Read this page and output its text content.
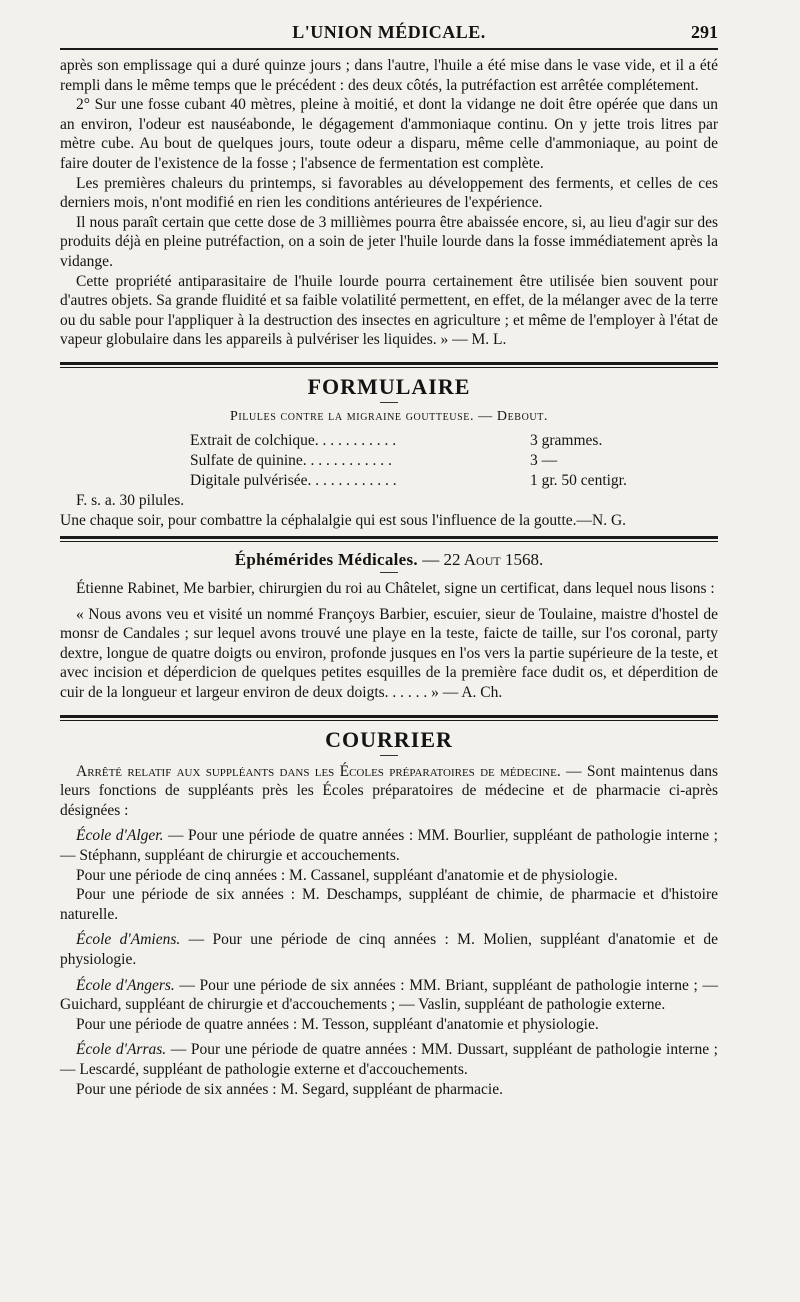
L'UNION MÉDICALE.	291

après son emplissage qui a duré quinze jours ; dans l'autre, l'huile a été mise dans le vase vide, et il a été rempli dans le même temps que le précédent : des deux côtés, la putréfaction est arrêtée complétement.

2° Sur une fosse cubant 40 mètres, pleine à moitié, et dont la vidange ne doit être opérée que dans un an environ, l'odeur est nauséabonde, le dégagement d'ammoniaque continu. On y jette trois litres par mètre cube. Au bout de quelques jours, toute odeur a disparu, même celle d'ammoniaque, au point de faire douter de l'existence de la fosse ; l'absence de fermentation est complète.

Les premières chaleurs du printemps, si favorables au développement des ferments, et celles de ces derniers mois, n'ont modifié en rien les conditions antérieures de l'expérience.

Il nous paraît certain que cette dose de 3 millièmes pourra être abaissée encore, si, au lieu d'agir sur des produits déjà en pleine putréfaction, on a soin de jeter l'huile lourde dans la fosse immédiatement après la vidange.

Cette propriété antiparasitaire de l'huile lourde pourra certainement être utilisée bien souvent pour d'autres objets. Sa grande fluidité et sa faible volatilité permettent, en effet, de la mélanger avec de la terre ou du sable pour l'appliquer à la destruction des insectes en agriculture ; et même de l'employer à l'état de vapeur globulaire dans les appareils à pulvériser les liquides. » — M. L.

FORMULAIRE
Pilules contre la migraine goutteuse. — Debout.
Extrait de colchique. . . . . . . . . . .	3 grammes.
Sulfate de quinine. . . . . . . . . . . .	3 —
Digitale pulvérisée. . . . . . . . . . . .	1 gr. 50 centigr.

F. s. a. 30 pilules.

Une chaque soir, pour combattre la céphalalgie qui est sous l'influence de la goutte.—N. G.

Éphémérides Médicales. — 22 Aout 1568.

Étienne Rabinet, Me barbier, chirurgien du roi au Châtelet, signe un certificat, dans lequel nous lisons :

« Nous avons veu et visité un nommé Françoys Barbier, escuier, sieur de Toulaine, maistre d'hostel de monsr de Candales ; sur lequel avons trouvé une playe en la teste, faicte de taille, sur l'os coronal, party dextre, longue de quatre doigts ou environ, profonde jusques en l'os vers la partie supérieure de la teste, et avec incision et déperdicion de quelques petites esquilles de la première face dudit os, et déperdition de cuir de la longueur et largeur environ de deux doigts. . . . . . » — A. Ch.

COURRIER

Arrêté relatif aux suppléants dans les Écoles préparatoires de médecine. — Sont maintenus dans leurs fonctions de suppléants près les Écoles préparatoires de médecine et de pharmacie ci-après désignées :

École d'Alger. — Pour une période de quatre années : MM. Bourlier, suppléant de pathologie interne ; — Stéphann, suppléant de chirurgie et accouchements.

Pour une période de cinq années : M. Cassanel, suppléant d'anatomie et de physiologie.

Pour une période de six années : M. Deschamps, suppléant de chimie, de pharmacie et d'histoire naturelle.

École d'Amiens. — Pour une période de cinq années : M. Molien, suppléant d'anatomie et de physiologie.

École d'Angers. — Pour une période de six années : MM. Briant, suppléant de pathologie interne ; — Guichard, suppléant de chirurgie et d'accouchements ; — Vaslin, suppléant de pathologie externe.

Pour une période de quatre années : M. Tesson, suppléant d'anatomie et physiologie.

École d'Arras. — Pour une période de quatre années : MM. Dussart, suppléant de pathologie interne ; — Lescardé, suppléant de pathologie externe et d'accouchements.

Pour une période de six années : M. Segard, suppléant de pharmacie.
